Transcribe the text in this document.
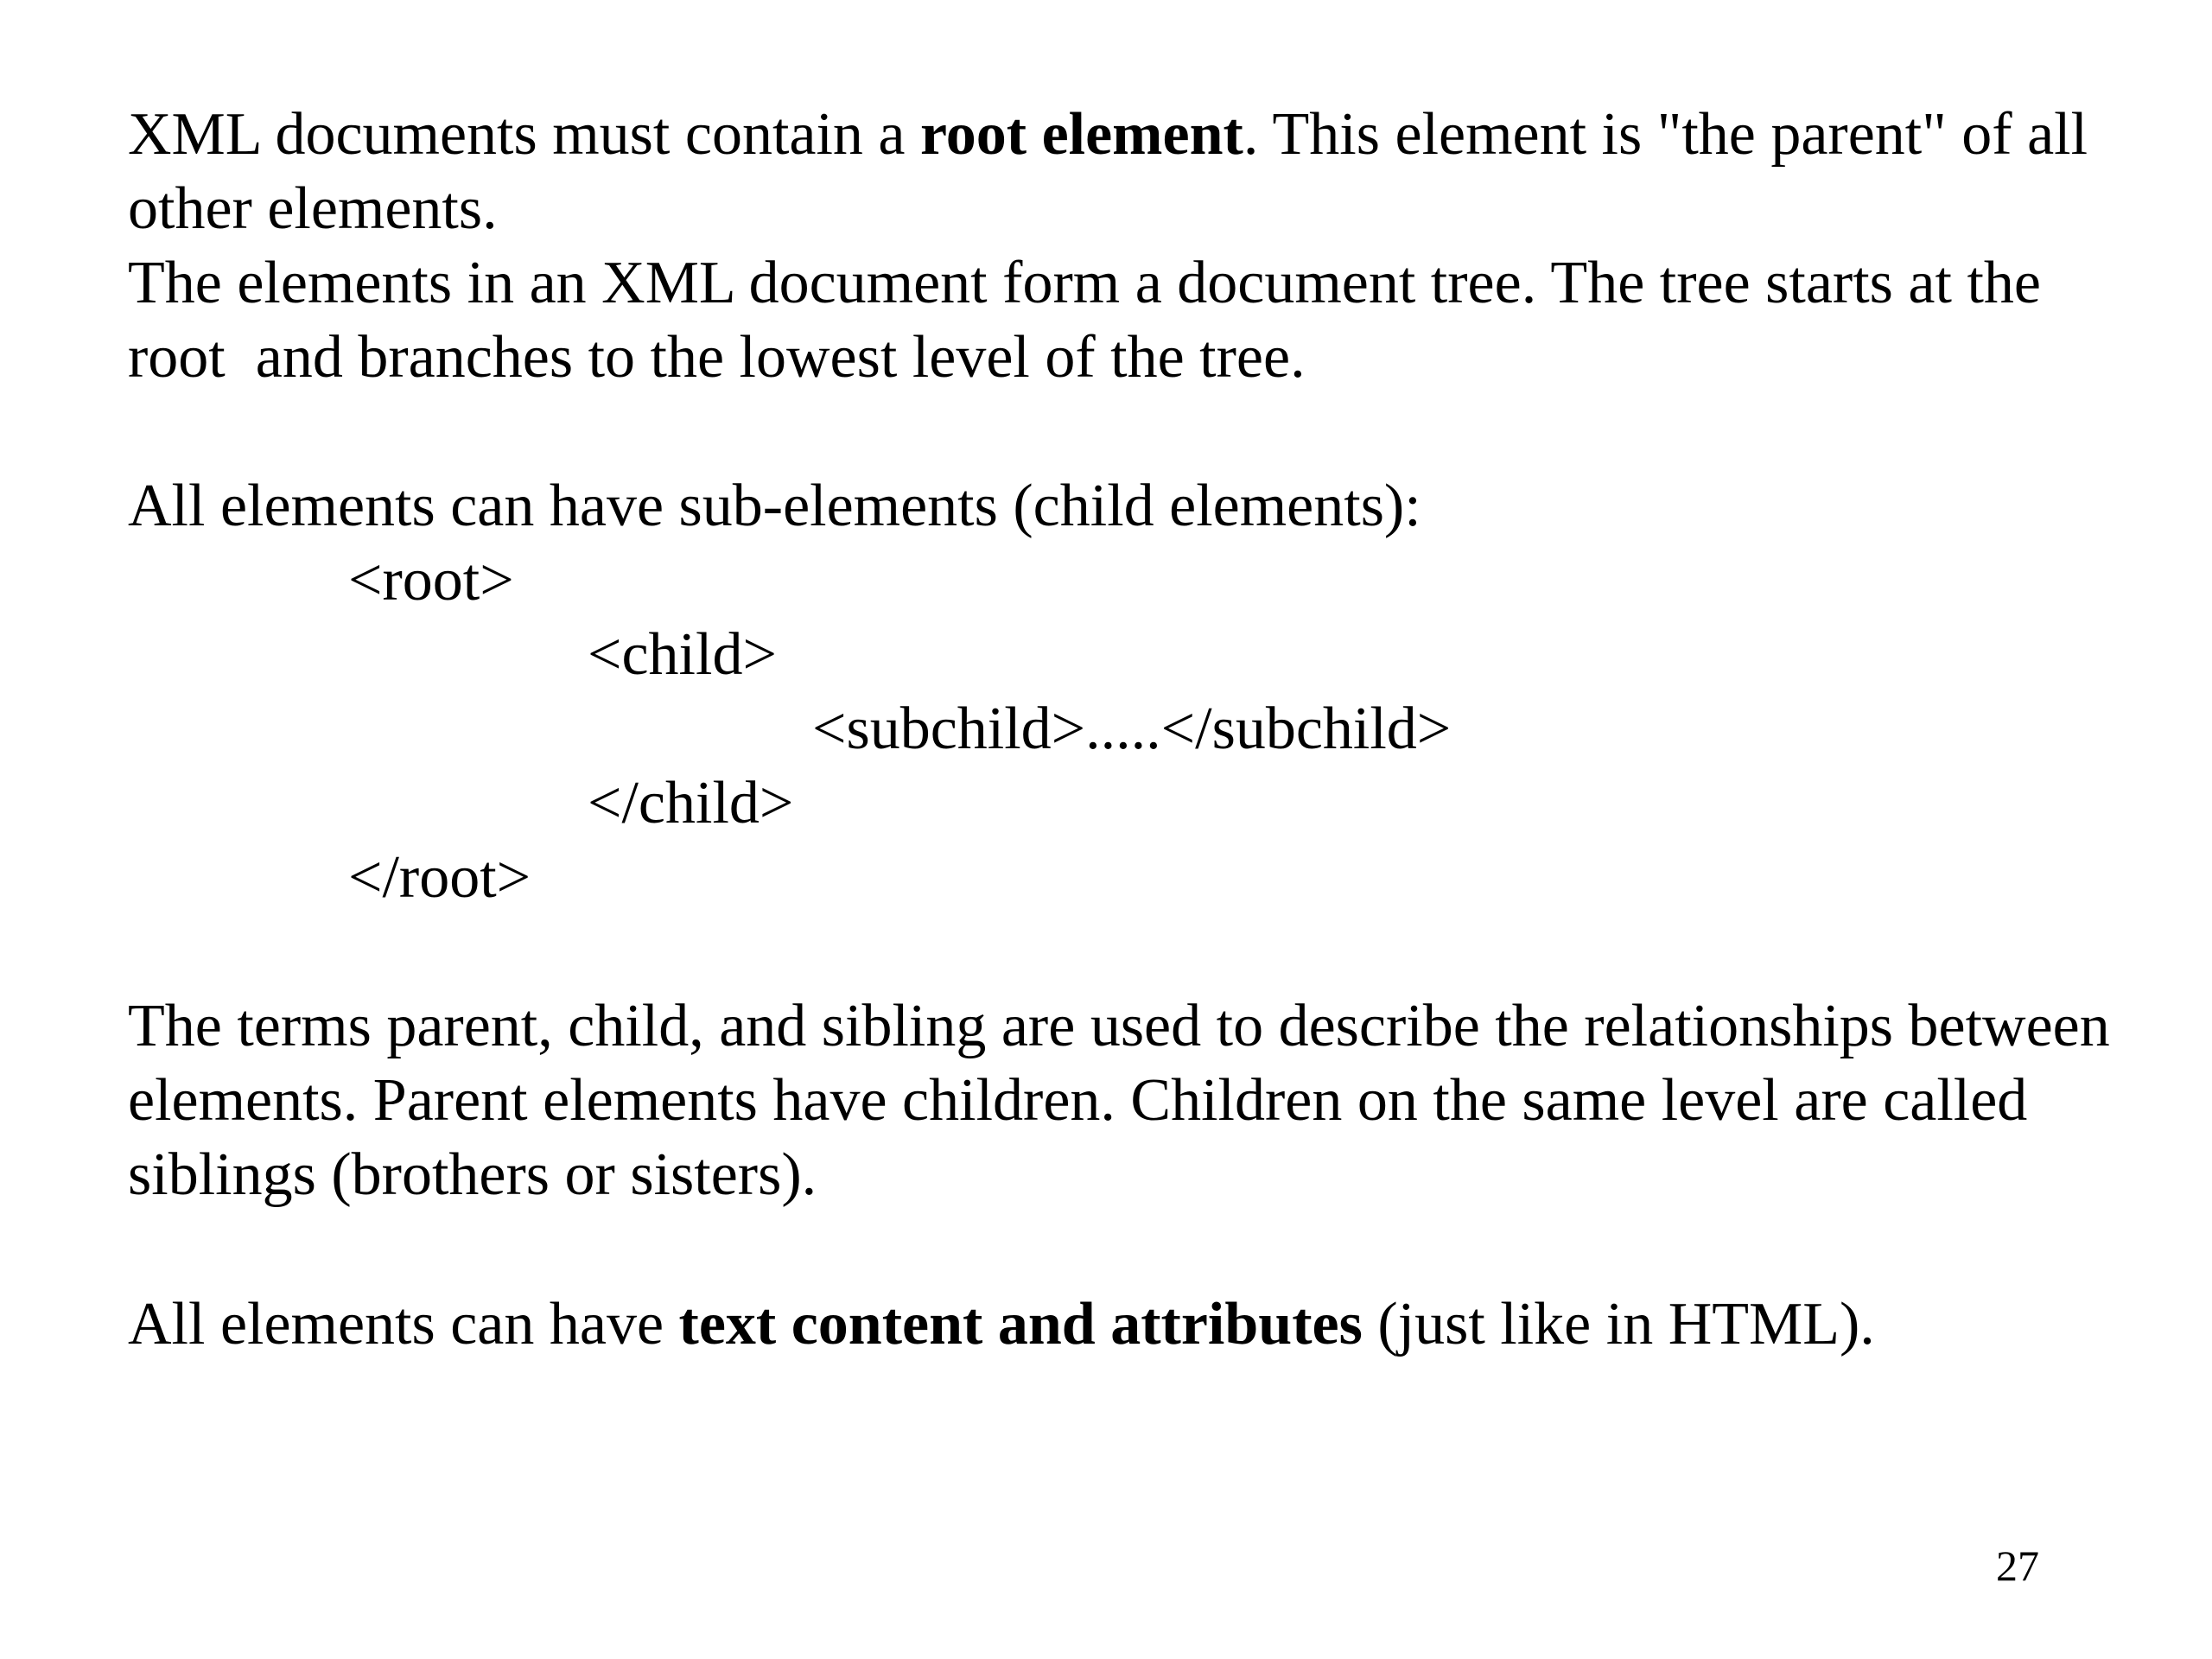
XML documents must contain a root element. This element is "the parent" of all

other elements.

The elements in an XML document form a document tree. The tree starts at the

root  and branches to the lowest level of the tree.

All elements can have sub-elements (child elements):

<root>

<child>

<subchild>.....</subchild>

</child>

</root>

The terms parent, child, and sibling are used to describe the relationships between

elements. Parent elements have children. Children on the same level are called

siblings (brothers or sisters).

All elements can have text content and attributes (just like in HTML).

27
